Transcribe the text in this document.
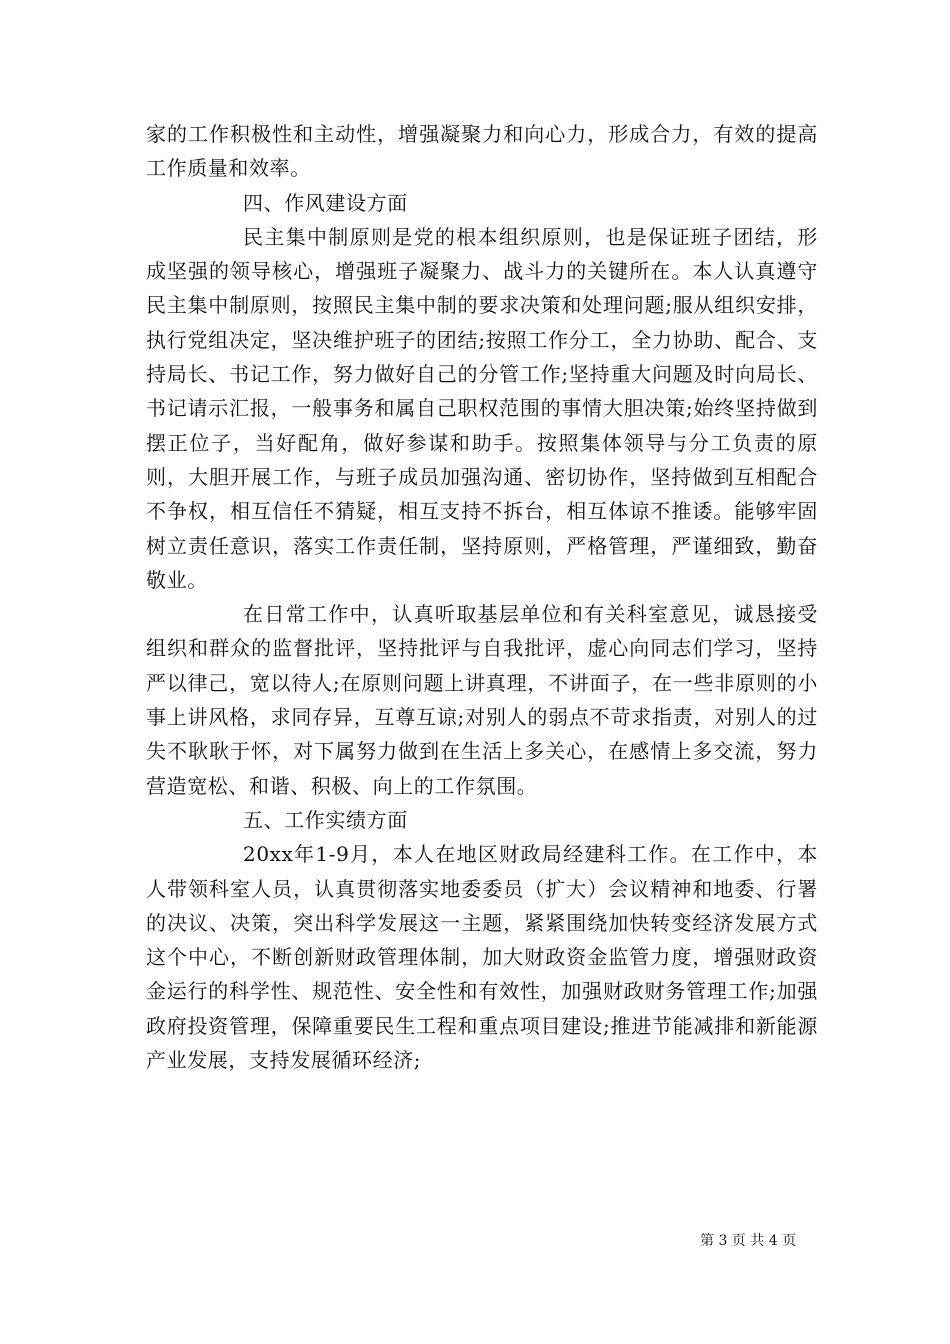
家的工作积极性和主动性，增强凝聚力和向心力，形成合力，有效的提高工作质量和效率。

四、作风建设方面

民主集中制原则是党的根本组织原则，也是保证班子团结，形成坚强的领导核心，增强班子凝聚力、战斗力的关键所在。本人认真遵守民主集中制原则，按照民主集中制的要求决策和处理问题;服从组织安排，执行党组决定，坚决维护班子的团结;按照工作分工，全力协助、配合、支持局长、书记工作，努力做好自己的分管工作;坚持重大问题及时向局长、书记请示汇报，一般事务和属自己职权范围的事情大胆决策;始终坚持做到摆正位子，当好配角，做好参谋和助手。按照集体领导与分工负责的原则，大胆开展工作，与班子成员加强沟通、密切协作，坚持做到互相配合不争权，相互信任不猜疑，相互支持不拆台，相互体谅不推诿。能够牢固树立责任意识，落实工作责任制，坚持原则，严格管理，严谨细致，勤奋敬业。

在日常工作中，认真听取基层单位和有关科室意见，诚恳接受组织和群众的监督批评，坚持批评与自我批评，虚心向同志们学习，坚持严以律己，宽以待人;在原则问题上讲真理，不讲面子，在一些非原则的小事上讲风格，求同存异，互尊互谅;对别人的弱点不苛求指责，对别人的过失不耿耿于怀，对下属努力做到在生活上多关心，在感情上多交流，努力营造宽松、和谐、积极、向上的工作氛围。

五、工作实绩方面

20xx年1-9月，本人在地区财政局经建科工作。在工作中，本人带领科室人员，认真贯彻落实地委委员（扩大）会议精神和地委、行署的决议、决策，突出科学发展这一主题，紧紧围绕加快转变经济发展方式这个中心，不断创新财政管理体制，加大财政资金监管力度，增强财政资金运行的科学性、规范性、安全性和有效性，加强财政财务管理工作;加强政府投资管理，保障重要民生工程和重点项目建设;推进节能减排和新能源产业发展，支持发展循环经济;

第 3 页 共 4 页
